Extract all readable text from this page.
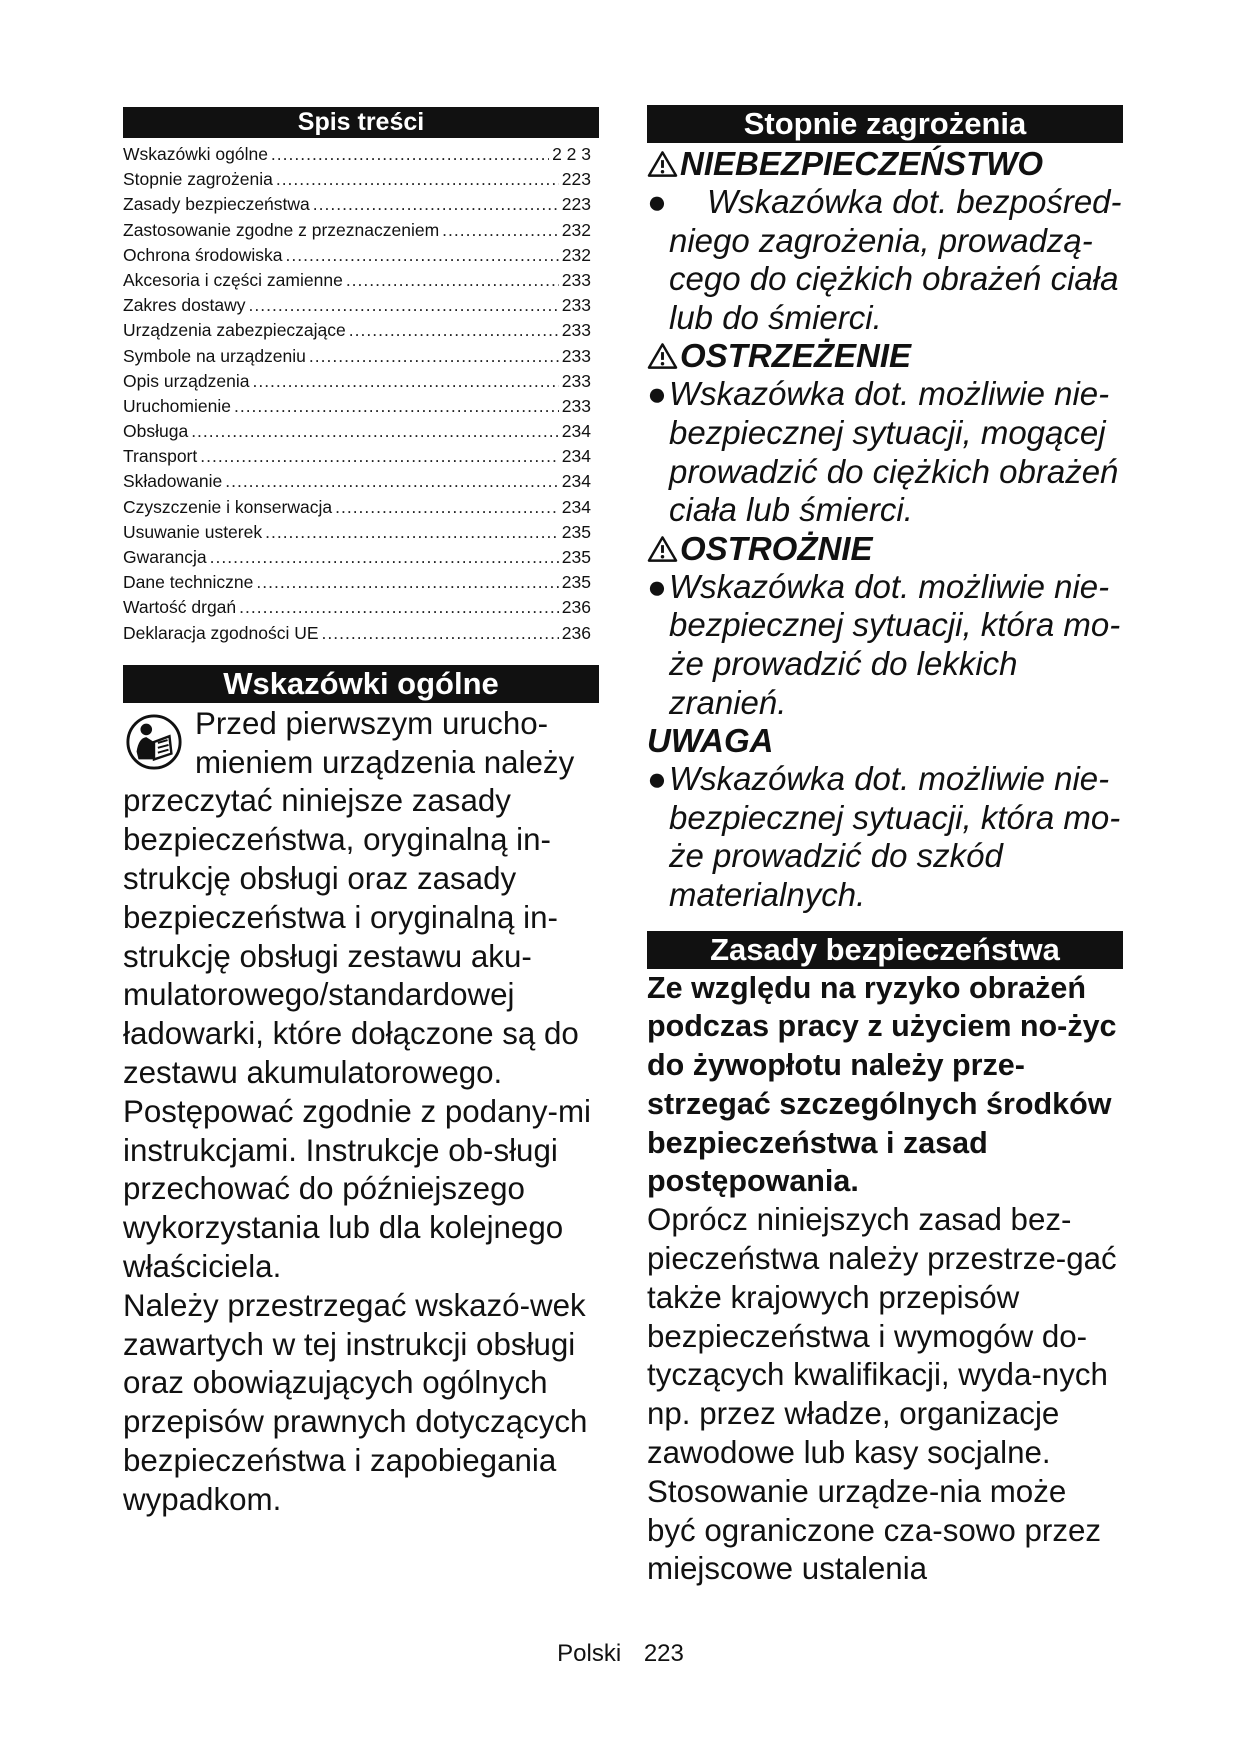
Spis treści
Wskazówki ogólne .....	2 2 3
Stopnie zagrożenia .....	223
Zasady bezpieczeństwa .....	223
Zastosowanie zgodne z przeznaczeniem .....	232
Ochrona środowiska .....	232
Akcesoria i części zamienne .....	233
Zakres dostawy .....	233
Urządzenia zabezpieczające .....	233
Symbole na urządzeniu .....	233
Opis urządzenia .....	233
Uruchomienie .....	233
Obsługa .....	234
Transport .....	234
Składowanie .....	234
Czyszczenie i konserwacja .....	234
Usuwanie usterek .....	235
Gwarancja .....	235
Dane techniczne .....	235
Wartość drgań .....	236
Deklaracja zgodności UE .....	236
Wskazówki ogólne

Przed pierwszym urucho-mieniem urządzenia należy

przeczytać niniejsze zasady bezpieczeństwa, oryginalną in-strukcję obsługi oraz zasady bezpieczeństwa i oryginalną in-strukcję obsługi zestawu aku-mulatorowego/standardowej ładowarki, które dołączone są do zestawu akumulatorowego. Postępować zgodnie z podany-mi instrukcjami. Instrukcje ob-sługi przechować do późniejszego wykorzystania lub dla kolejnego właściciela.

Należy przestrzegać wskazó-wek zawartych w tej instrukcji obsługi oraz obowiązujących ogólnych przepisów prawnych dotyczących bezpieczeństwa i zapobiegania wypadkom.

Stopnie zagrożenia

NIEBEZPIECZEŃSTWO

● Wskazówka dot. bezpośred-niego zagrożenia, prowadzą-cego do ciężkich obrażeń ciała lub do śmierci.

OSTRZEŻENIE

●Wskazówka dot. możliwie nie-bezpiecznej sytuacji, mogącej prowadzić do ciężkich obrażeń ciała lub śmierci.

OSTROŻNIE

●Wskazówka dot. możliwie nie-bezpiecznej sytuacji, która mo-że prowadzić do lekkich zranień.

UWAGA

●Wskazówka dot. możliwie nie-bezpiecznej sytuacji, która mo-że prowadzić do szkód materialnych.

Zasady bezpieczeństwa

Ze względu na ryzyko obrażeń podczas pracy z użyciem no-życ do żywopłotu należy prze-strzegać szczególnych środków bezpieczeństwa i zasad postępowania.

Oprócz niniejszych zasad bez-pieczeństwa należy przestrze-gać także krajowych przepisów bezpieczeństwa i wymogów do-tyczących kwalifikacji, wyda-nych np. przez władze, organizacje zawodowe lub kasy socjalne. Stosowanie urządze-nia może być ograniczone cza-sowo przez miejscowe ustalenia

Polski 223
